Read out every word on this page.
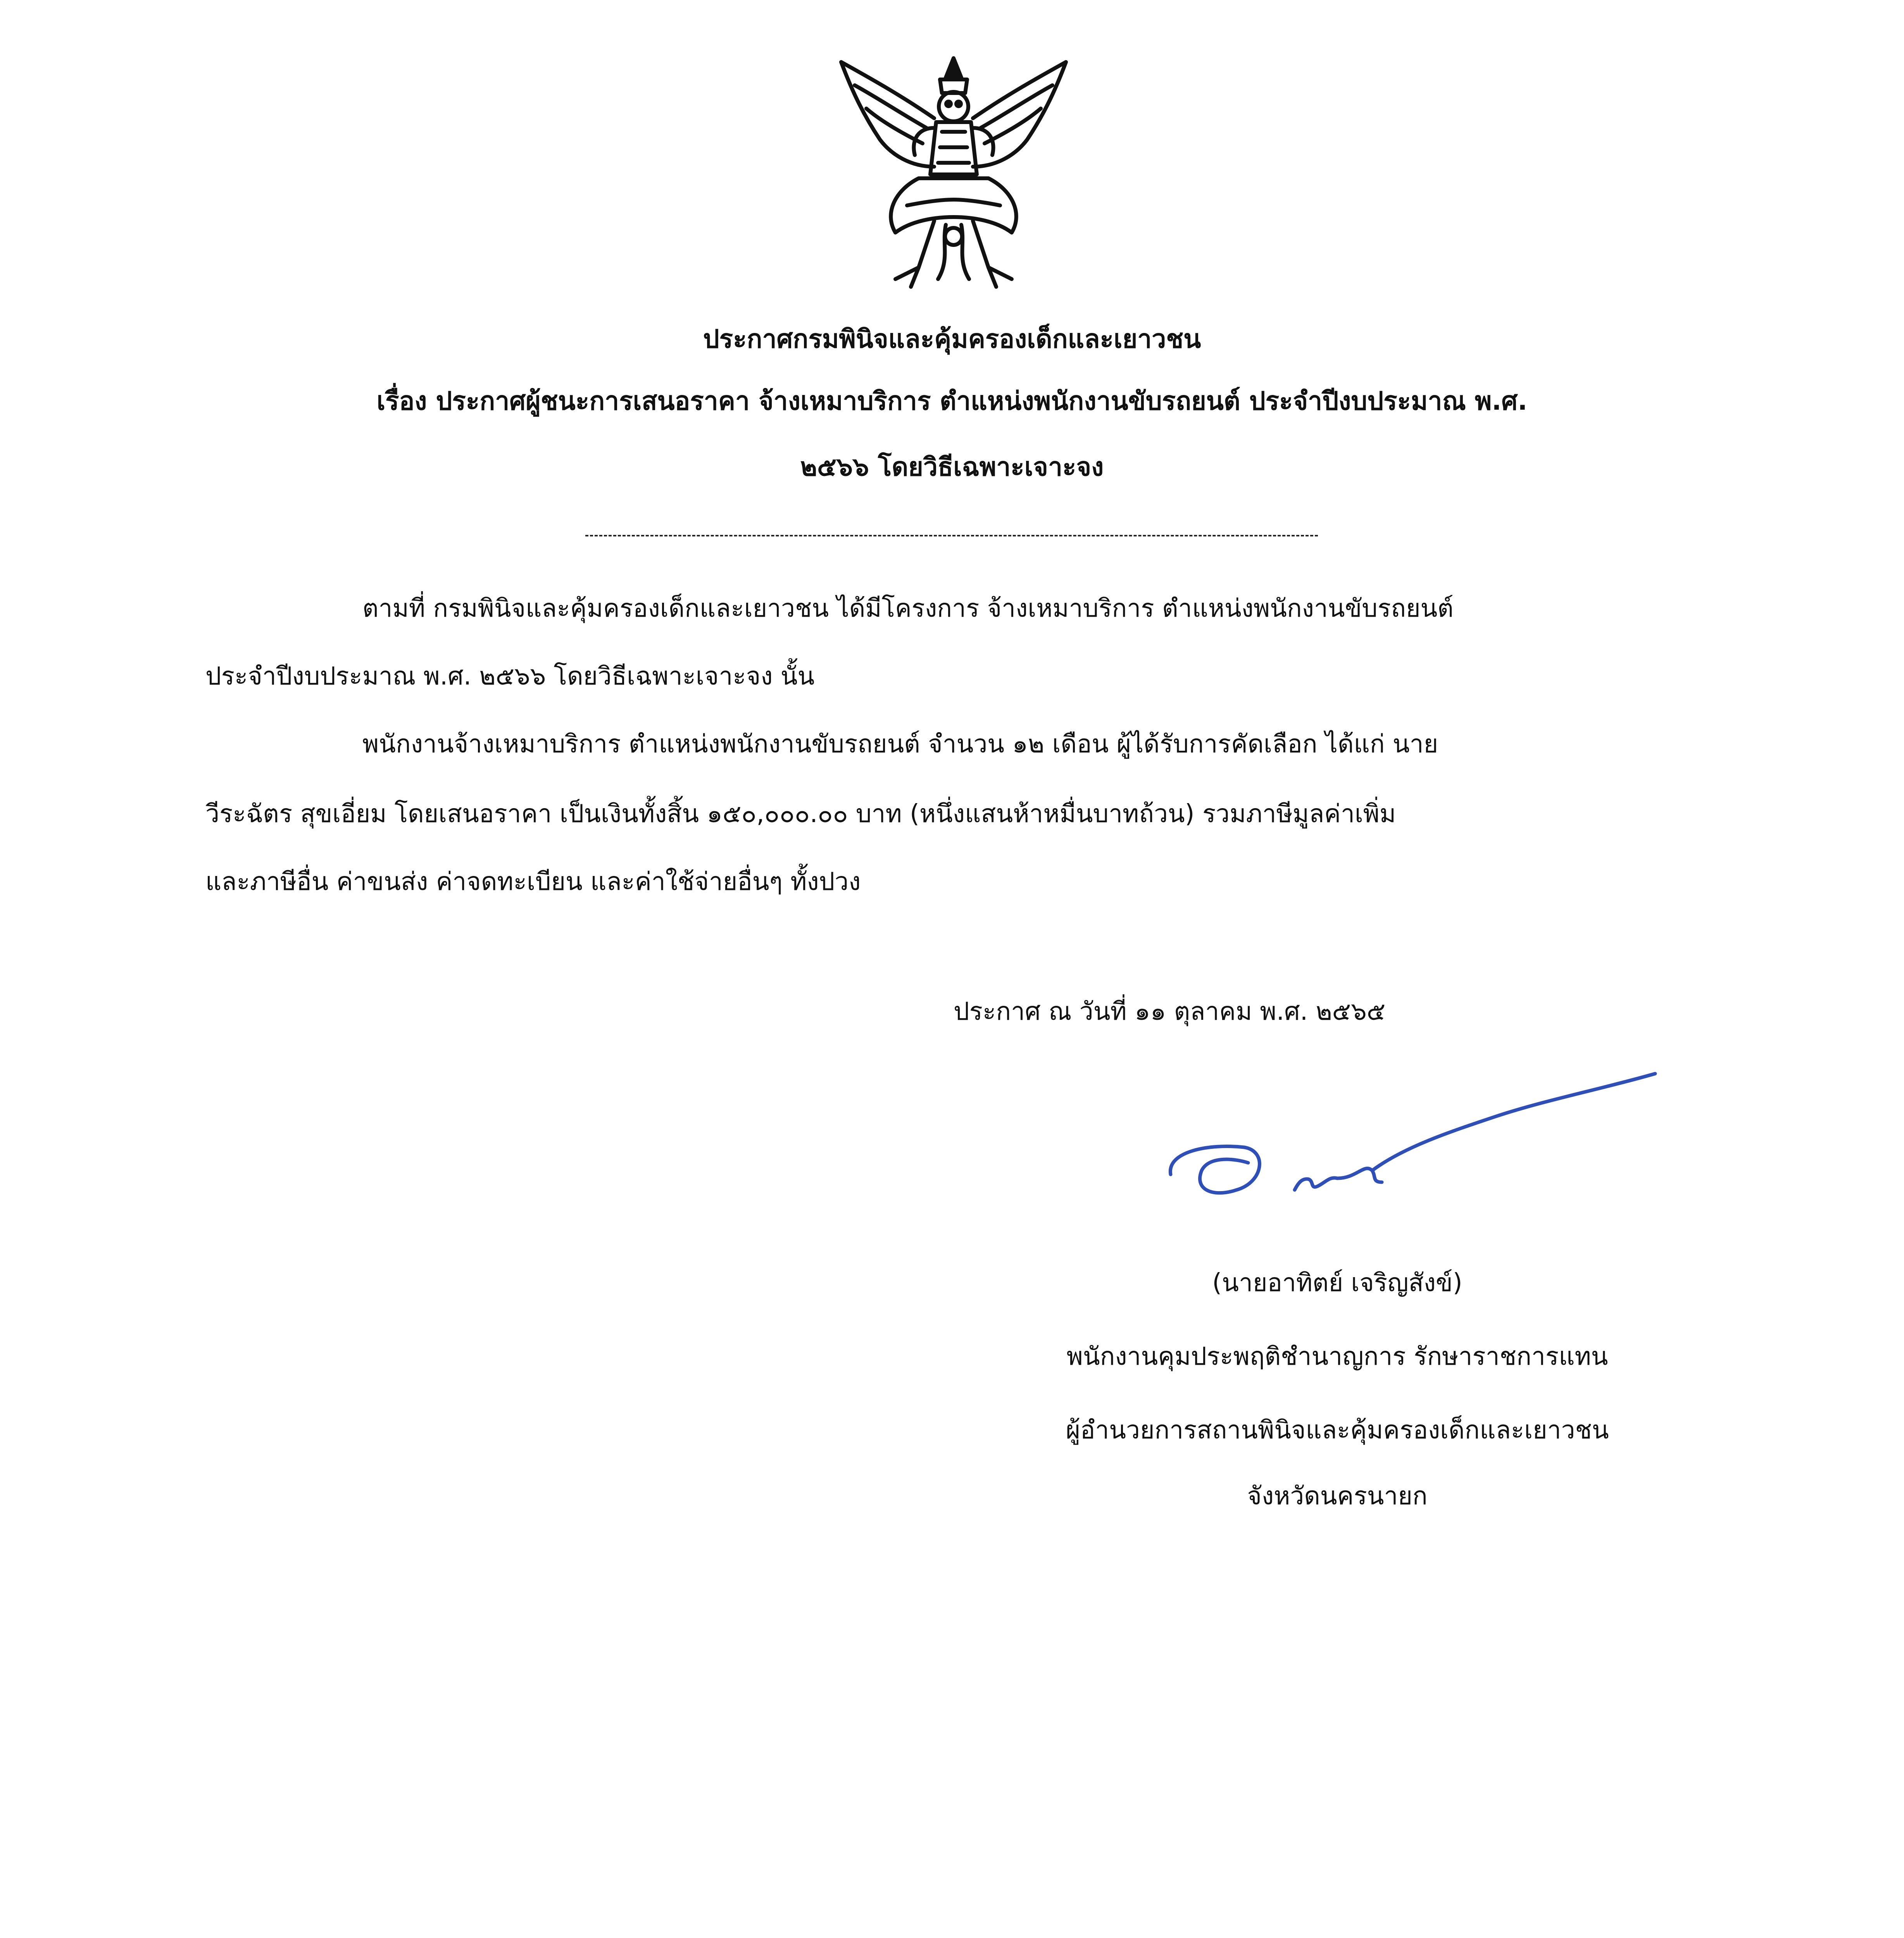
ประกาศกรมพินิจและคุ้มครองเด็กและเยาวชน
เรื่อง ประกาศผู้ชนะการเสนอราคา จ้างเหมาบริการ ตำแหน่งพนักงานขับรถยนต์ ประจำปีงบประมาณ พ.ศ.
๒๕๖๖ โดยวิธีเฉพาะเจาะจง
ตามที่ กรมพินิจและคุ้มครองเด็กและเยาวชน ได้มีโครงการ จ้างเหมาบริการ ตำแหน่งพนักงานขับรถยนต์
ประจำปีงบประมาณ พ.ศ. ๒๕๖๖ โดยวิธีเฉพาะเจาะจง นั้น
พนักงานจ้างเหมาบริการ ตำแหน่งพนักงานขับรถยนต์ จำนวน ๑๒ เดือน ผู้ได้รับการคัดเลือก ได้แก่ นาย
วีระฉัตร สุขเอี่ยม โดยเสนอราคา เป็นเงินทั้งสิ้น ๑๕๐,๐๐๐.๐๐ บาท (หนึ่งแสนห้าหมื่นบาทถ้วน) รวมภาษีมูลค่าเพิ่ม
และภาษีอื่น ค่าขนส่ง ค่าจดทะเบียน และค่าใช้จ่ายอื่นๆ ทั้งปวง
ประกาศ ณ วันที่ ๑๑ ตุลาคม พ.ศ. ๒๕๖๕
(นายอาทิตย์ เจริญสังข์)
พนักงานคุมประพฤติชำนาญการ รักษาราชการแทน
ผู้อำนวยการสถานพินิจและคุ้มครองเด็กและเยาวชน
จังหวัดนครนายก
